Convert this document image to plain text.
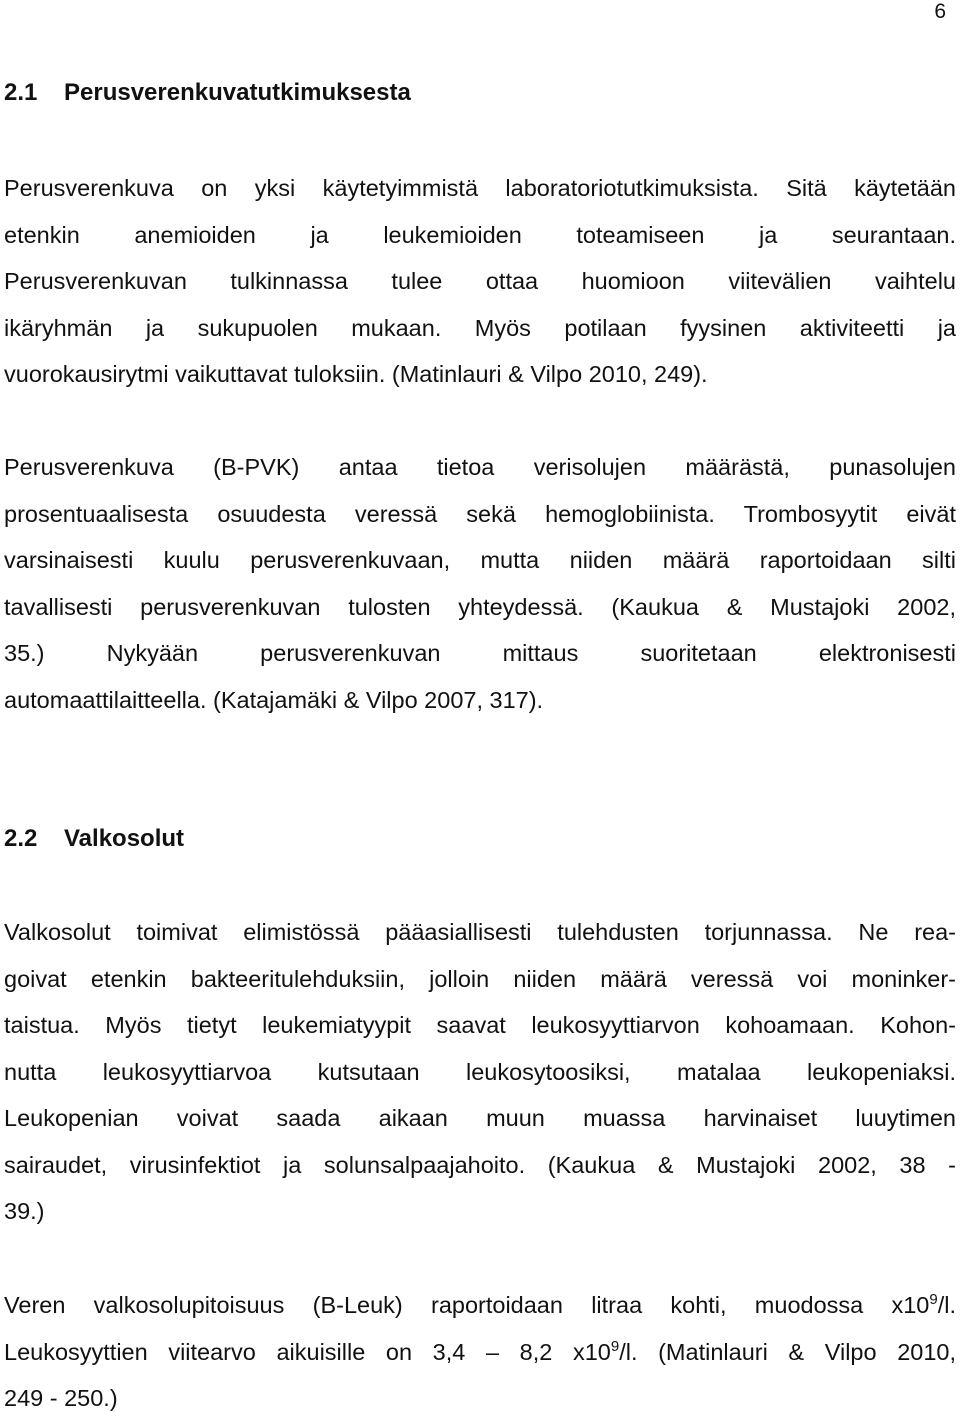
6
2.1 Perusverenkuvatutkimuksesta

Perusverenkuva on yksi käytetyimmistä laboratoriotutkimuksista. Sitä käytetään
etenkin anemioiden ja leukemioiden toteamiseen ja seurantaan.
Perusverenkuvan tulkinnassa tulee ottaa huomioon viitevälien vaihtelu
ikäryhmän ja sukupuolen mukaan. Myös potilaan fyysinen aktiviteetti ja
vuorokausirytmi vaikuttavat tuloksiin. (Matinlauri & Vilpo 2010, 249).

Perusverenkuva (B-PVK) antaa tietoa verisolujen määrästä, punasolujen
prosentuaalisesta osuudesta veressä sekä hemoglobiinista. Trombosyytit eivät
varsinaisesti kuulu perusverenkuvaan, mutta niiden määrä raportoidaan silti
tavallisesti perusverenkuvan tulosten yhteydessä. (Kaukua & Mustajoki 2002,
35.) Nykyään perusverenkuvan mittaus suoritetaan elektronisesti
automaattilaitteella. (Katajamäki & Vilpo 2007, 317).

2.2 Valkosolut

Valkosolut toimivat elimistössä pääasiallisesti tulehdusten torjunnassa. Ne rea-
goivat etenkin bakteeritulehduksiin, jolloin niiden määrä veressä voi moninker-
taistua. Myös tietyt leukemiatyypit saavat leukosyyttiarvon kohoamaan. Kohon-
nutta leukosyyttiarvoa kutsutaan leukosytoosiksi, matalaa leukopeniaksi.
Leukopenian voivat saada aikaan muun muassa harvinaiset luuytimen
sairaudet, virusinfektiot ja solunsalpaajahoito. (Kaukua & Mustajoki 2002, 38 -
39.)

Veren valkosolupitoisuus (B-Leuk) raportoidaan litraa kohti, muodossa $x10^9/l$.
Leukosyyttien viitearvo aikuisille on 3,4 – 8,2 $x10^9/l$. (Matinlauri & Vilpo 2010,
249 - 250.)
